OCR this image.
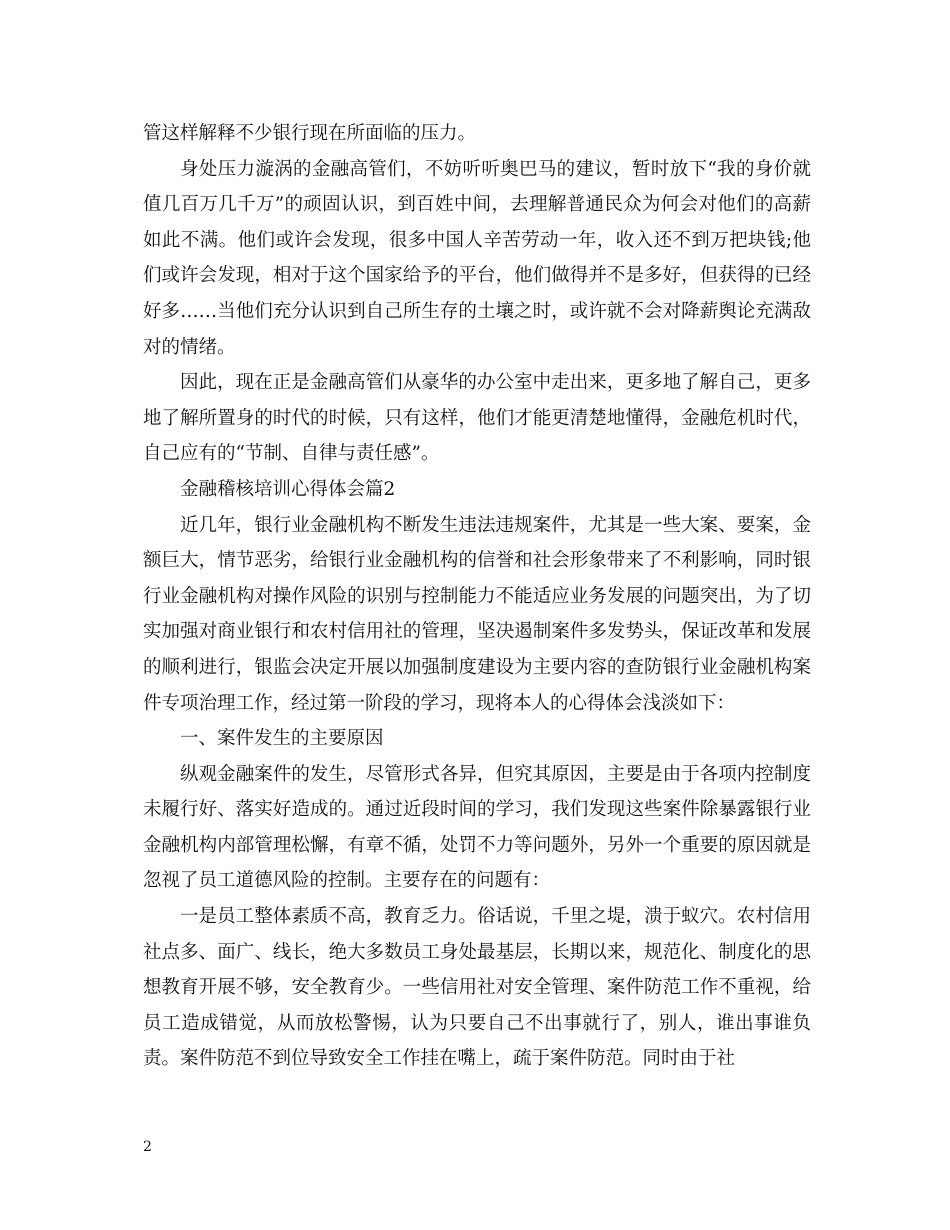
管这样解释不少银行现在所面临的压力。

身处压力漩涡的金融高管们，不妨听听奥巴马的建议，暂时放下“我的身价就值几百万几千万”的顽固认识，到百姓中间，去理解普通民众为何会对他们的高薪如此不满。他们或许会发现，很多中国人辛苦劳动一年，收入还不到万把块钱;他们或许会发现，相对于这个国家给予的平台，他们做得并不是多好，但获得的已经好多……当他们充分认识到自己所生存的土壤之时，或许就不会对降薪舆论充满敌对的情绪。

因此，现在正是金融高管们从豪华的办公室中走出来，更多地了解自己，更多地了解所置身的时代的时候，只有这样，他们才能更清楚地懂得，金融危机时代，自己应有的“节制、自律与责任感”。

金融稽核培训心得体会篇2

近几年，银行业金融机构不断发生违法违规案件，尤其是一些大案、要案，金额巨大，情节恶劣，给银行业金融机构的信誉和社会形象带来了不利影响，同时银行业金融机构对操作风险的识别与控制能力不能适应业务发展的问题突出，为了切实加强对商业银行和农村信用社的管理，坚决遏制案件多发势头，保证改革和发展的顺利进行，银监会决定开展以加强制度建设为主要内容的查防银行业金融机构案件专项治理工作，经过第一阶段的学习，现将本人的心得体会浅淡如下：

一、案件发生的主要原因

纵观金融案件的发生，尽管形式各异，但究其原因，主要是由于各项内控制度未履行好、落实好造成的。通过近段时间的学习，我们发现这些案件除暴露银行业金融机构内部管理松懈，有章不循，处罚不力等问题外，另外一个重要的原因就是忽视了员工道德风险的控制。主要存在的问题有：

一是员工整体素质不高，教育乏力。俗话说，千里之堤，溃于蚁穴。农村信用社点多、面广、线长，绝大多数员工身处最基层，长期以来，规范化、制度化的思想教育开展不够，安全教育少。一些信用社对安全管理、案件防范工作不重视，给员工造成错觉，从而放松警惕，认为只要自己不出事就行了，别人，谁出事谁负责。案件防范不到位导致安全工作挂在嘴上，疏于案件防范。同时由于社

2
